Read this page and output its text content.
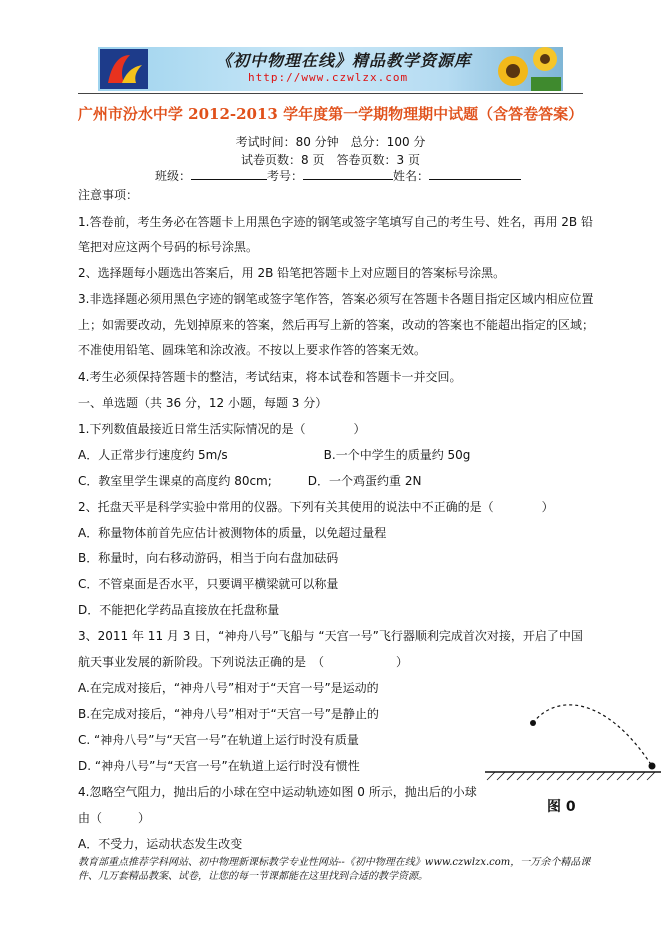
《初中物理在线》精品教学资源库
http://www.czwlzx.com
广州市汾水中学 2012-2013 学年度第一学期物理期中试题（含答卷答案）
考试时间：80 分钟　总分：100 分
试卷页数：8 页　答卷页数：3 页
班级：	考号：	姓名：
注意事项：
1.答卷前，考生务必在答题卡上用黑色字迹的钢笔或签字笔填写自己的考生号、姓名，再用 2B 铅
笔把对应这两个号码的标号涂黑。
2、选择题每小题选出答案后，用 2B 铅笔把答题卡上对应题目的答案标号涂黑。
3.非选择题必须用黑色字迹的钢笔或签字笔作答，答案必须写在答题卡各题目指定区域内相应位置
上；如需要改动，先划掉原来的答案，然后再写上新的答案，改动的答案也不能超出指定的区域；
不准使用铅笔、圆珠笔和涂改液。不按以上要求作答的答案无效。
4.考生必须保持答题卡的整洁，考试结束，将本试卷和答题卡一并交回。
一、单选题（共 36 分，12 小题，每题 3 分）
1.下列数值最接近日常生活实际情况的是（　　　　）
A．人正常步行速度约 5m/s　　　　　　　　B.一个中学生的质量约 50g
C．教室里学生课桌的高度约 80cm;　　　D．一个鸡蛋约重 2N
2、托盘天平是科学实验中常用的仪器。下列有关其使用的说法中不正确的是（　　　　）
A．称量物体前首先应估计被测物体的质量，以免超过量程
B．称量时，向右移动游码，相当于向右盘加砝码
C．不管桌面是否水平，只要调平横梁就可以称量
D．不能把化学药品直接放在托盘称量
3、2011 年 11 月 3 日，“神舟八号”飞船与 “天宫一号”飞行器顺利完成首次对接，开启了中国
航天事业发展的新阶段。下列说法正确的是　（　　　　　　）
A.在完成对接后，“神舟八号”相对于“天宫一号”是运动的
B.在完成对接后，“神舟八号”相对于“天宫一号”是静止的
C. “神舟八号”与“天宫一号”在轨道上运行时没有质量
D. “神舟八号”与“天宫一号”在轨道上运行时没有惯性
4.忽略空气阻力，抛出后的小球在空中运动轨迹如图 0 所示，抛出后的小球
由（　　　）
A．不受力，运动状态发生改变
图 0
教育部重点推荐学科网站、初中物理新课标教学专业性网站--《初中物理在线》www.czwlzx.com，一万余个精品课件、几万套精品教案、试卷，让您的每一节课都能在这里找到合适的教学资源。
